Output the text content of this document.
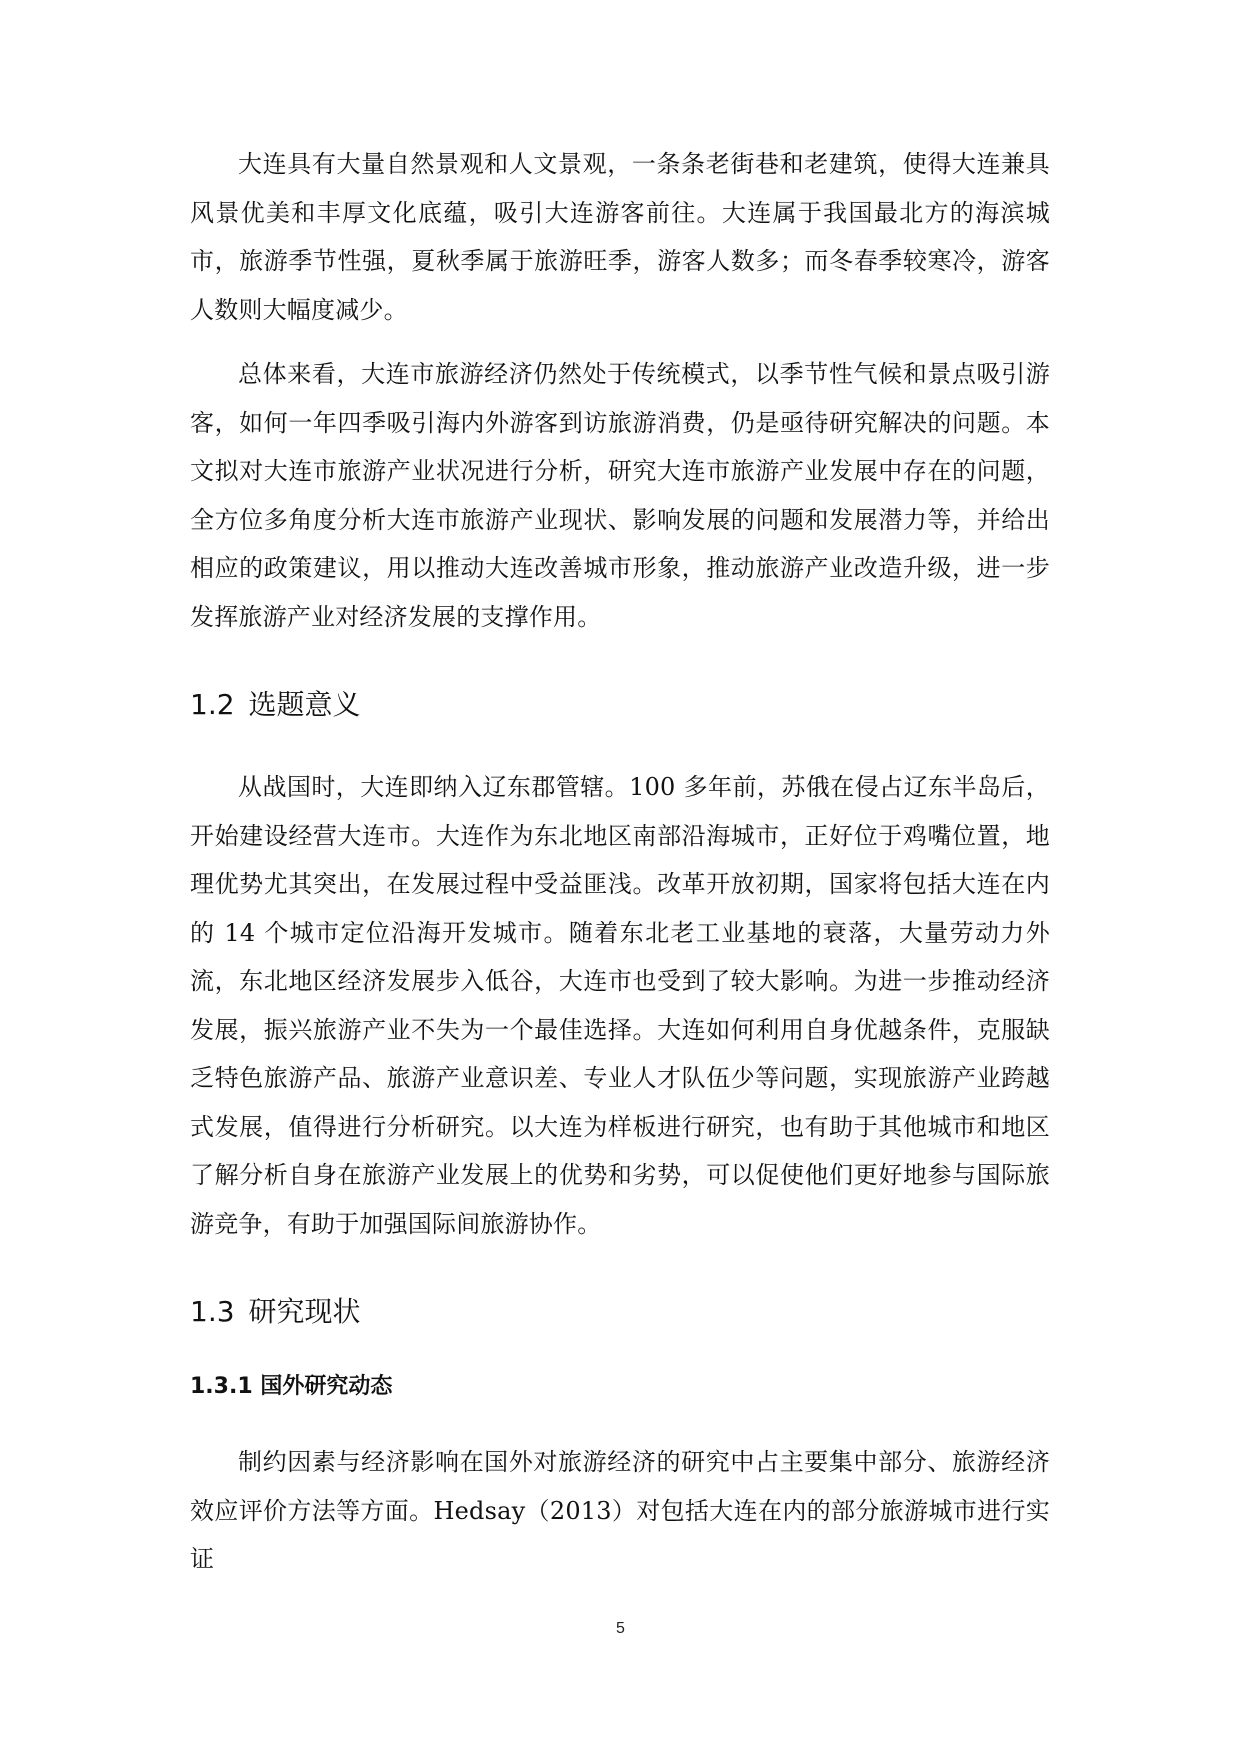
大连具有大量自然景观和人文景观，一条条老街巷和老建筑，使得大连兼具风景优美和丰厚文化底蕴，吸引大连游客前往。大连属于我国最北方的海滨城市，旅游季节性强，夏秋季属于旅游旺季，游客人数多；而冬春季较寒冷，游客人数则大幅度减少。

总体来看，大连市旅游经济仍然处于传统模式，以季节性气候和景点吸引游客，如何一年四季吸引海内外游客到访旅游消费，仍是亟待研究解决的问题。本文拟对大连市旅游产业状况进行分析，研究大连市旅游产业发展中存在的问题，全方位多角度分析大连市旅游产业现状、影响发展的问题和发展潜力等，并给出相应的政策建议，用以推动大连改善城市形象，推动旅游产业改造升级，进一步发挥旅游产业对经济发展的支撑作用。

1.2 选题意义

从战国时，大连即纳入辽东郡管辖。100 多年前，苏俄在侵占辽东半岛后，开始建设经营大连市。大连作为东北地区南部沿海城市，正好位于鸡嘴位置，地理优势尤其突出，在发展过程中受益匪浅。改革开放初期，国家将包括大连在内的 14 个城市定位沿海开发城市。随着东北老工业基地的衰落，大量劳动力外流，东北地区经济发展步入低谷，大连市也受到了较大影响。为进一步推动经济发展，振兴旅游产业不失为一个最佳选择。大连如何利用自身优越条件，克服缺乏特色旅游产品、旅游产业意识差、专业人才队伍少等问题，实现旅游产业跨越式发展，值得进行分析研究。以大连为样板进行研究，也有助于其他城市和地区了解分析自身在旅游产业发展上的优势和劣势，可以促使他们更好地参与国际旅游竞争，有助于加强国际间旅游协作。

1.3 研究现状
1.3.1 国外研究动态

制约因素与经济影响在国外对旅游经济的研究中占主要集中部分、旅游经济效应评价方法等方面。Hedsay（2013）对包括大连在内的部分旅游城市进行实证

5
